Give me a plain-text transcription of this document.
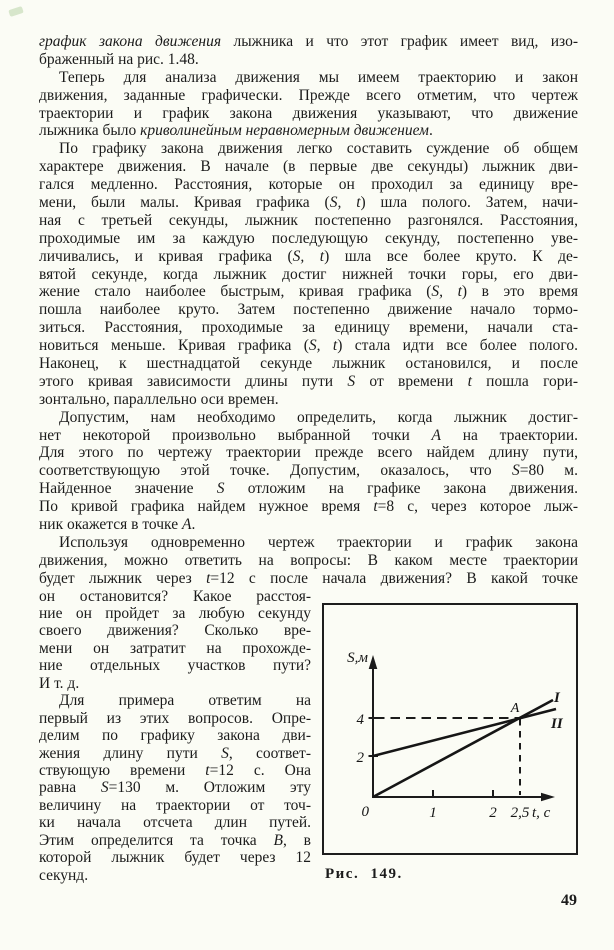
график закона движения лыжника и что этот график имеет вид, изо-
браженный на рис. 1.48.
Теперь для анализа движения мы имеем траекторию и закон
движения, заданные графически. Прежде всего отметим, что чертеж
траектории и график закона движения указывают, что движение
лыжника было криволинейным неравномерным движением.
По графику закона движения легко составить суждение об общем
характере движения. В начале (в первые две секунды) лыжник дви-
гался медленно. Расстояния, которые он проходил за единицу вре-
мени, были малы. Кривая графика (S, t) шла полого. Затем, начи-
ная с третьей секунды, лыжник постепенно разгонялся. Расстояния,
проходимые им за каждую последующую секунду, постепенно уве-
личивались, и кривая графика (S, t) шла все более круто. К де-
вятой секунде, когда лыжник достиг нижней точки горы, его дви-
жение стало наиболее быстрым, кривая графика (S, t) в это время
пошла наиболее круто. Затем постепенно движение начало тормо-
зиться. Расстояния, проходимые за единицу времени, начали ста-
новиться меньше. Кривая графика (S, t) стала идти все более полого.
Наконец, к шестнадцатой секунде лыжник остановился, и после
этого кривая зависимости длины пути S от времени t пошла гори-
зонтально, параллельно оси времен.
Допустим, нам необходимо определить, когда лыжник достиг-
нет некоторой произвольно выбранной точки A на траектории.
Для этого по чертежу траектории прежде всего найдем длину пути,
соответствующую этой точке. Допустим, оказалось, что S=80 м.
Найденное значение S отложим на графике закона движения.
По кривой графика найдем нужное время t=8 с, через которое лыж-
ник окажется в точке A.
Используя одновременно чертеж траектории и график закона
движения, можно ответить на вопросы: В каком месте траектории
будет лыжник через t=12 с после начала движения? В какой точке
он остановится? Какое расстоя-
ние он пройдет за любую секунду
своего движения? Сколько вре-
мени он затратит на прохожде-
ние отдельных участков пути?
И т. д.
Для примера ответим на
первый из этих вопросов. Опре-
делим по графику закона дви-
жения длину пути S, соответ-
ствующую времени t=12 с. Она
равна S=130 м. Отложим эту
величину на траектории от точ-
ки начала отсчета длин путей.
Этим определится та точка B, в
которой лыжник будет через 12
секунд.
S,м
4
2
0	1	2 2,5 t, c
A
I
II
Рис. 149.
49
